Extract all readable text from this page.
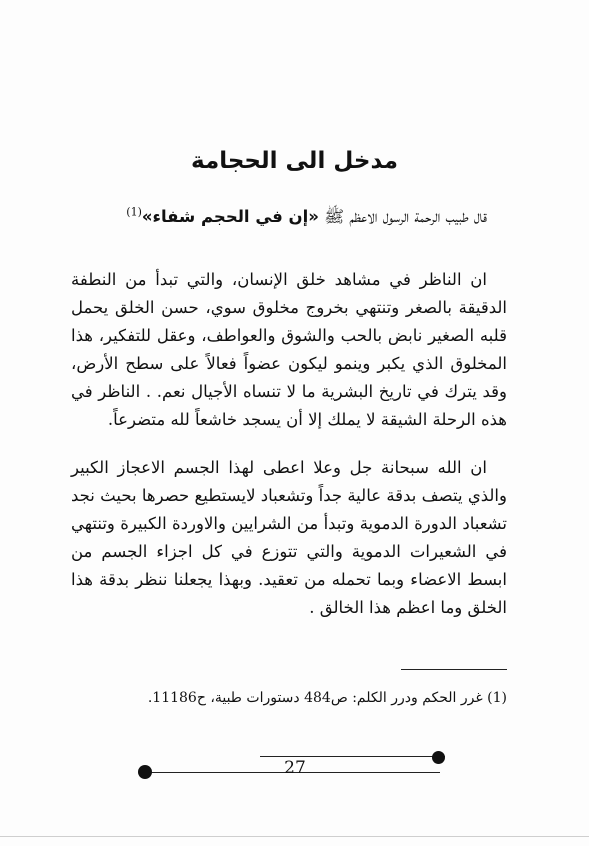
مدخل الى الحجامة
قال طبيب الرحمة الرسول الاعظم ﷺ «إن في الحجم شفاء»$^{(1)}$
ان الناظر في مشاهد خلق الإنسان، والتي تبدأ من النطفة الدقيقة بالصغر وتنتهي بخروج مخلوق سوي، حسن الخلق يحمل قلبه الصغير نابض بالحب والشوق والعواطف، وعقل للتفكير، هذا المخلوق الذي يكبر وينمو ليكون عضواً فعالاً على سطح الأرض، وقد يترك في تاريخ البشرية ما لا تنساه الأجيال نعم. . الناظر في هذه الرحلة الشيقة لا يملك إلا أن يسجد خاشعاً لله متضرعاً.
ان الله سبحانة جل وعلا اعطى لهذا الجسم الاعجاز الكبير والذي يتصف بدقة عالية جداً وتشعباد لايستطيع حصرها بحيث نجد تشعباد الدورة الدموية وتبدأ من الشرايين والاوردة الكبيرة وتنتهي في الشعيرات الدموية والتي تتوزع في كل اجزاء الجسم من ابسط الاعضاء وبما تحمله من تعقيد. وبهذا يجعلنا ننظر بدقة هذا الخلق وما اعظم هذا الخالق .
(1) غرر الحكم ودرر الكلم: ص484 دستورات طبية، ح11186.
27
